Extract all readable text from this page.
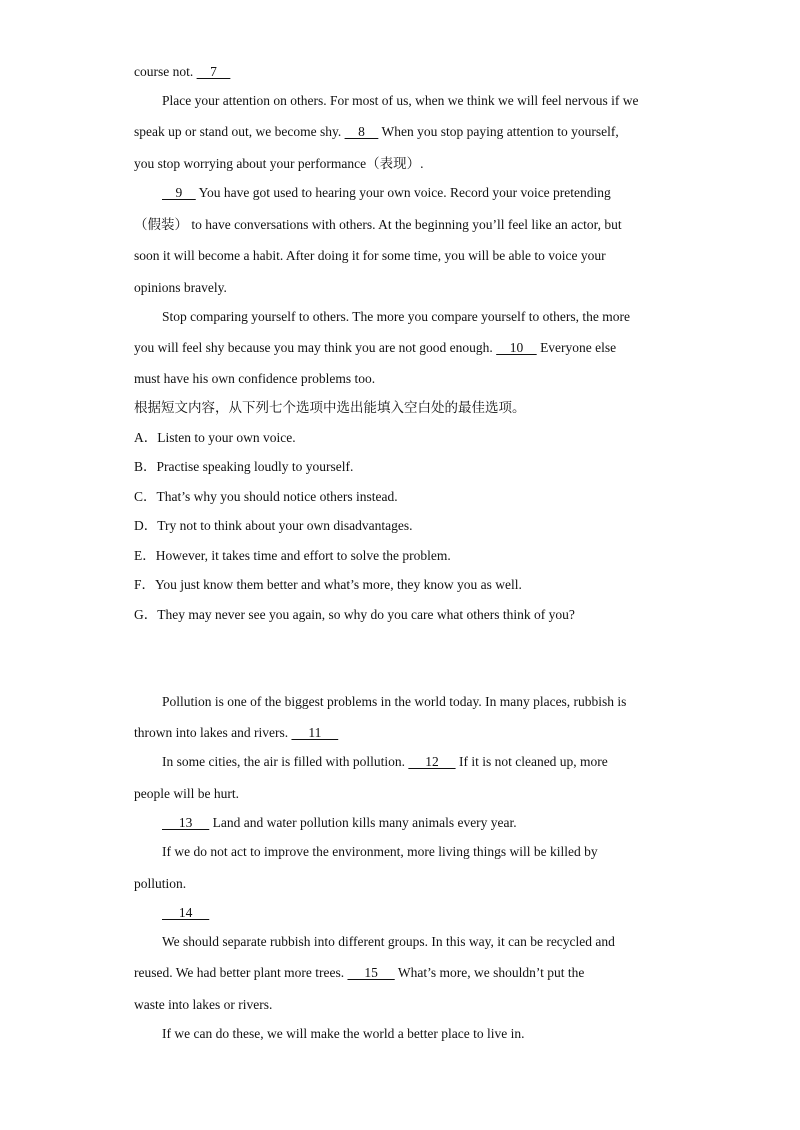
course not.     7
Place your attention on others. For most of us, when we think we will feel nervous if we
speak up or stand out, we become shy.     8     When you stop paying attention to yourself,
you stop worrying about your performance（表现）.
9     You have got used to hearing your own voice. Record your voice pretending
（假装） to have conversations with others. At the beginning you’ll feel like an actor, but
soon it will become a habit. After doing it for some time, you will be able to voice your
opinions bravely.
Stop comparing yourself to others. The more you compare yourself to others, the more
you will feel shy because you may think you are not good enough.     10     Everyone else
must have his own confidence problems too.
根据短文内容，从下列七个选项中选出能填入空白处的最佳选项。
A．Listen to your own voice.
B．Practise speaking loudly to yourself.
C．That’s why you should notice others instead.
D．Try not to think about your own disadvantages.
E．However, it takes time and effort to solve the problem.
F．You just know them better and what’s more, they know you as well.
G．They may never see you again, so why do you care what others think of you?
Pollution is one of the biggest problems in the world today. In many places, rubbish is
thrown into lakes and rivers.      11
In some cities, the air is filled with pollution.      12      If it is not cleaned up, more
people will be hurt.
13      Land and water pollution kills many animals every year.
If we do not act to improve the environment, more living things will be killed by
pollution.
14
We should separate rubbish into different groups. In this way, it can be recycled and
reused. We had better plant more trees.      15      What’s more, we shouldn’t put the
waste into lakes or rivers.
If we can do these, we will make the world a better place to live in.
